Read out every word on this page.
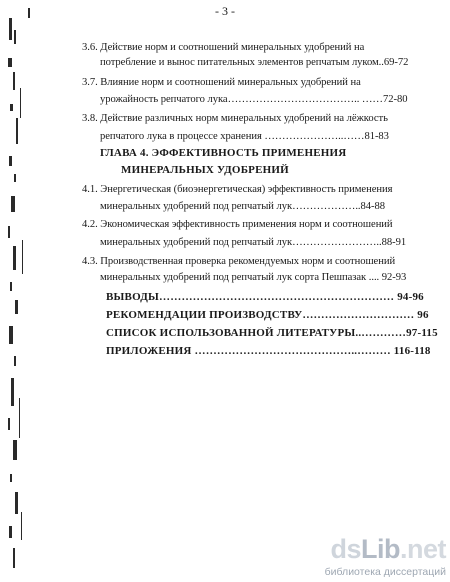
- 3 -
3.6. Действие норм и соотношений минеральных удобрений на
потребление и вынос питательных элементов репчатым луком..69-72
3.7. Влияние норм и соотношений минеральных удобрений на
урожайность репчатого лука……………………………….. ……72-80
3.8. Действие различных норм минеральных удобрений на лёжкость
репчатого лука в процессе хранения …………………..……81-83
ГЛАВА 4. ЭФФЕКТИВНОСТЬ ПРИМЕНЕНИЯ
МИНЕРАЛЬНЫХ УДОБРЕНИЙ
4.1. Энергетическая (биоэнергетическая) эффективность применения
минеральных удобрений под репчатый лук………………..84-88
4.2. Экономическая эффективность применения норм и соотношений
минеральных удобрений под репчатый лук……………………..88-91
4.3. Производственная проверка рекомендуемых норм и соотношений
минеральных удобрений под репчатый лук сорта Пешпазак .... 92-93
ВЫВОДЫ……………………………………………………… 94-96
РЕКОМЕНДАЦИИ ПРОИЗВОДСТВУ………………………… 96
СПИСОК ИСПОЛЬЗОВАННОЙ ЛИТЕРАТУРЫ..…………97-115
ПРИЛОЖЕНИЯ ……………………………………..……… 116-118
dsLib.net
библиотека диссертаций
